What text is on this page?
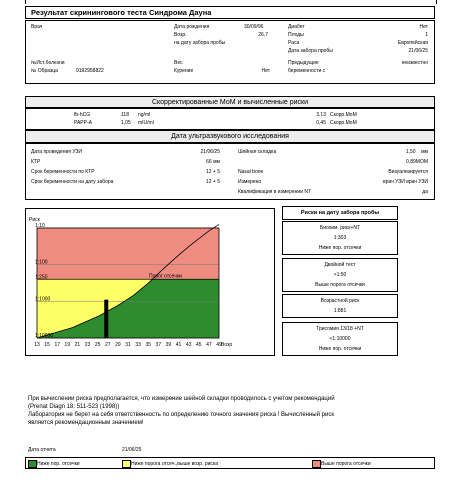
Результат скринингового теста Синдрома Дауна
Врач	Дата рождения	30/09/96
Возр.	26,7
на дату забора пробы
Диабет	Нет
Плоды	1
Раса	Европейская
Дата забора пробы	21/06/25
№Ист.болезни
№ Образца	9192958822
Вес
Курение	Нет
Предыдущие
беременности с
неизвестно
Скорректированные МоМ и вычисленные риски
fb-hCG	118 ng/ml	3,13 Скорр.МоМ
PAPP-A	1,05 mIU/ml	0,45 Скорр.МоМ
Дата ультразвукового исследования
Дата проведения УЗИ	21/06/25
КТР	66 мм
Срок беременности по КТР	12 + 5
Срок беременности на дату забора	12 + 5
Шейная складка	1,50    мм
0,89МОМ
Nasal bone	Визуализируется
Измерено	врач УЗИ врач УЗИ
Квалификация в измерении NT	да
Порог отсечки
Риск
1:10
1:100
1:250
1:1000
1:10000
13 15 17 19 21 23 25 27 29 31 33 35 37 39 41 43 45 47 49 Возр
Риски на дату забора пробы
Биохим. риск+NT
1:303
Ниже пор. отсечки
Двойной тест
>1:50
Выше порога отсечки
Возрастной риск
1:881
Трисомия 13/18 +NT
<1:10000
Ниже пор. отсечки
При вычислении риска предполагается, что измерение шейной складки проводилось с учетом рекомендаций
(Prenat Diagn 18: 511-523 (1998))
Лаборатория не берет на себя ответственность по определению точного значения риска ! Вычисленный риск
является рекомендационным значением!
Дата отчета	21/06/25
Ниже пор. отсечки	Ниже порога отсеч.,выше возр. риска	Выше порога отсечки
